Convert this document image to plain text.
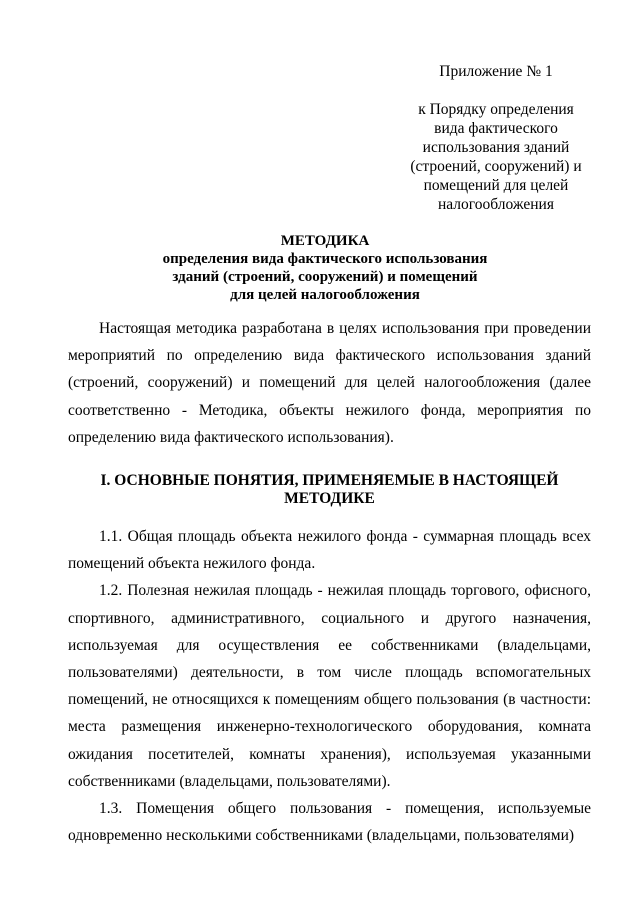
Приложение № 1
к Порядку определения
вида фактического
использования зданий
(строений, сооружений) и
помещений для целей
налогообложения
МЕТОДИКА
определения вида фактического использования
зданий (строений, сооружений) и помещений
для целей налогообложения
Настоящая методика разработана в целях использования при проведении мероприятий по определению вида фактического использования зданий (строений, сооружений) и помещений для целей налогообложения (далее соответственно - Методика, объекты нежилого фонда, мероприятия по определению вида фактического использования).
I. ОСНОВНЫЕ ПОНЯТИЯ, ПРИМЕНЯЕМЫЕ В НАСТОЯЩЕЙ
МЕТОДИКЕ

1.1. Общая площадь объекта нежилого фонда - суммарная площадь всех помещений объекта нежилого фонда.

1.2. Полезная нежилая площадь - нежилая площадь торгового, офисного, спортивного, административного, социального и другого назначения, используемая для осуществления ее собственниками (владельцами, пользователями) деятельности, в том числе площадь вспомогательных помещений, не относящихся к помещениям общего пользования (в частности: места размещения инженерно-технологического оборудования, комната ожидания посетителей, комнаты хранения), используемая указанными собственниками (владельцами, пользователями).

1.3. Помещения общего пользования - помещения, используемые одновременно несколькими собственниками (владельцами, пользователями)
